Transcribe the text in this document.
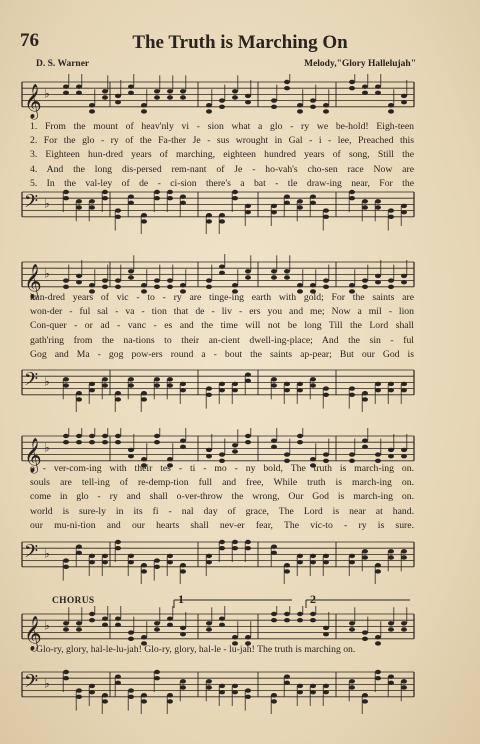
76	The Truth is Marching On
D. S. Warner	Melody,"Glory Hallelujah"
𝄞 ♭
1. From the mount of heav'nly vi - sion what a glo - ry we be-hold! Eigh-teen
2. For the glo - ry of the Fa-ther Je - sus wrought in Gal - i - lee, Preached this
3. Eighteen hun-dred years of marching, eighteen hundred years of song, Still the
4. And the long dis-persed rem-nant of Je - ho-vah's cho-sen race Now are
5. In the val-ley of de - ci-sion there's a bat - tle draw-ing near, For the
𝄢 ♭
𝄞 ♭
hun-dred years of vic - to - ry are tinge-ing earth with gold; For the saints are
won-der - ful sal - va - tion that de - liv - ers you and me; Now a mil - lion
Con-quer - or ad - vanc - es and the time will not be long Till the Lord shall
gath'ring from the na-tions to their an-cient dwell-ing-place; And the sin - ful
Gog and Ma - gog pow-ers round a - bout the saints ap-pear; But our God is
𝄢 ♭
𝄞 ♭
o - ver-com-ing with their tes - ti - mo - ny bold, The truth is march-ing on.
souls are tell-ing of re-demp-tion full and free, While truth is march-ing on.
come in glo - ry and shall o-ver-throw the wrong, Our God is march-ing on.
world is sure-ly in its fi - nal day of grace, The Lord is near at hand.
our mu-ni-tion and our hearts shall nev-er fear, The vic-to - ry is sure.
𝄢 ♭
CHORUS	1	2
𝄞 ♭
Glo-ry, glory, hal-le-lu-jah! Glo-ry, glory, hal-le - lu-jah! The truth is marching on.
𝄢 ♭
